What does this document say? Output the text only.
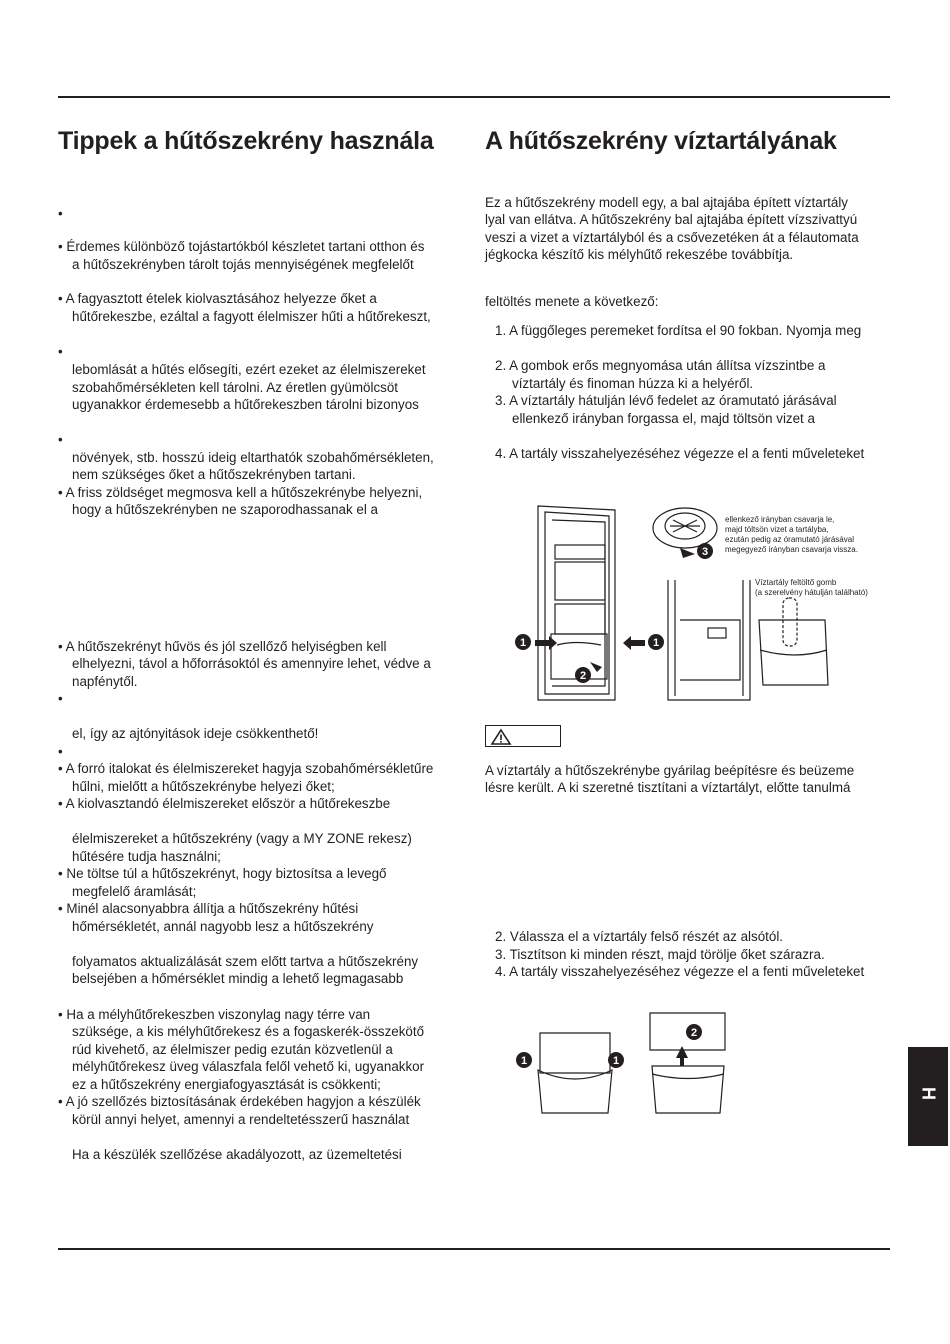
Tippek a hűtőszekrény használa
•
• Érdemes különböző tojástartókból készletet tartani otthon és
a hűtőszekrényben tárolt tojás mennyiségének megfelelőt
• A fagyasztott ételek kiolvasztásához helyezze őket a
hűtőrekeszbe, ezáltal a fagyott élelmiszer hűti a hűtőrekeszt,
•
lebomlását a hűtés elősegíti, ezért ezeket az élelmiszereket
szobahőmérsékleten kell tárolni. Az éretlen gyümölcsöt
ugyanakkor érdemesebb a hűtőrekeszben tárolni bizonyos
•
növények, stb. hosszú ideig eltarthatók szobahőmérsékleten,
nem szükséges őket a hűtőszekrényben tartani.
• A friss zöldséget megmosva kell a hűtőszekrénybe helyezni,
hogy a hűtőszekrényben ne szaporodhassanak el a
• A hűtőszekrényt hűvös és jól szellőző helyiségben kell
elhelyezni, távol a hőforrásoktól és amennyire lehet, védve a
napfénytől.
•
el, így az ajtónyitások ideje csökkenthető!
•
• A forró italokat és élelmiszereket hagyja szobahőmérsékletűre
hűlni, mielőtt a hűtőszekrénybe helyezi őket;
• A kiolvasztandó élelmiszereket először a hűtőrekeszbe
élelmiszereket a hűtőszekrény (vagy a MY ZONE rekesz)
hűtésére tudja használni;
• Ne töltse túl a hűtőszekrényt, hogy biztosítsa a levegő
megfelelő áramlását;
• Minél alacsonyabbra állítja a hűtőszekrény hűtési
hőmérsékletét, annál nagyobb lesz a hűtőszekrény
folyamatos aktualizálását szem előtt tartva a hűtőszekrény
belsejében a hőmérséklet mindig a lehető legmagasabb
• Ha a mélyhűtőrekeszben viszonylag nagy térre van
szüksége, a kis mélyhűtőrekesz és a fogaskerék-összekötő
rúd kivehető, az élelmiszer pedig ezután közvetlenül a
mélyhűtőrekesz üveg válaszfala felől vehető ki, ugyanakkor
ez a hűtőszekrény energiafogyasztását is csökkenti;
• A jó szellőzés biztosításának érdekében hagyjon a készülék
körül annyi helyet, amennyi a rendeltetésszerű használat
Ha a készülék szellőzése akadályozott, az üzemeltetési
A hűtőszekrény víztartályának
Ez a hűtőszekrény modell egy, a bal ajtajába épített víztartály
lyal van ellátva. A hűtőszekrény bal ajtajába épített vízszivattyú
veszi a vizet a víztartályból és a csővezetéken át a félautomata
jégkocka készítő kis mélyhűtő rekeszébe továbbítja.
feltöltés menete a következő:
1. A függőleges peremeket fordítsa el 90 fokban. Nyomja meg
2. A gombok erős megnyomása után állítsa vízszintbe a
víztartály és finoman húzza ki a helyéről.
3. A víztartály hátulján lévő fedelet az óramutató járásával
ellenkező irányban forgassa el, majd töltsön vizet a
4. A tartály visszahelyezéséhez végezze el a fenti műveleteket
A víztartály a hűtőszekrénybe gyárilag beépítésre és beüzeme
lésre került. A ki szeretné tisztítani a víztartályt, előtte tanulmá
2. Válassza el a víztartály felső részét az alsótól.
3. Tisztítson ki minden részt, majd törölje őket szárazra.
4. A tartály visszahelyezéséhez végezze el a fenti műveleteket
1	1
2
3
ellenkező irányban csavarja le,
majd töltsön vizet a tartályba,
ezután pedig az óramutató járásával
megegyező irányban csavarja vissza.
Víztartály feltöltő gomb
(a szerelvény hátulján található)
1	1
2
H
